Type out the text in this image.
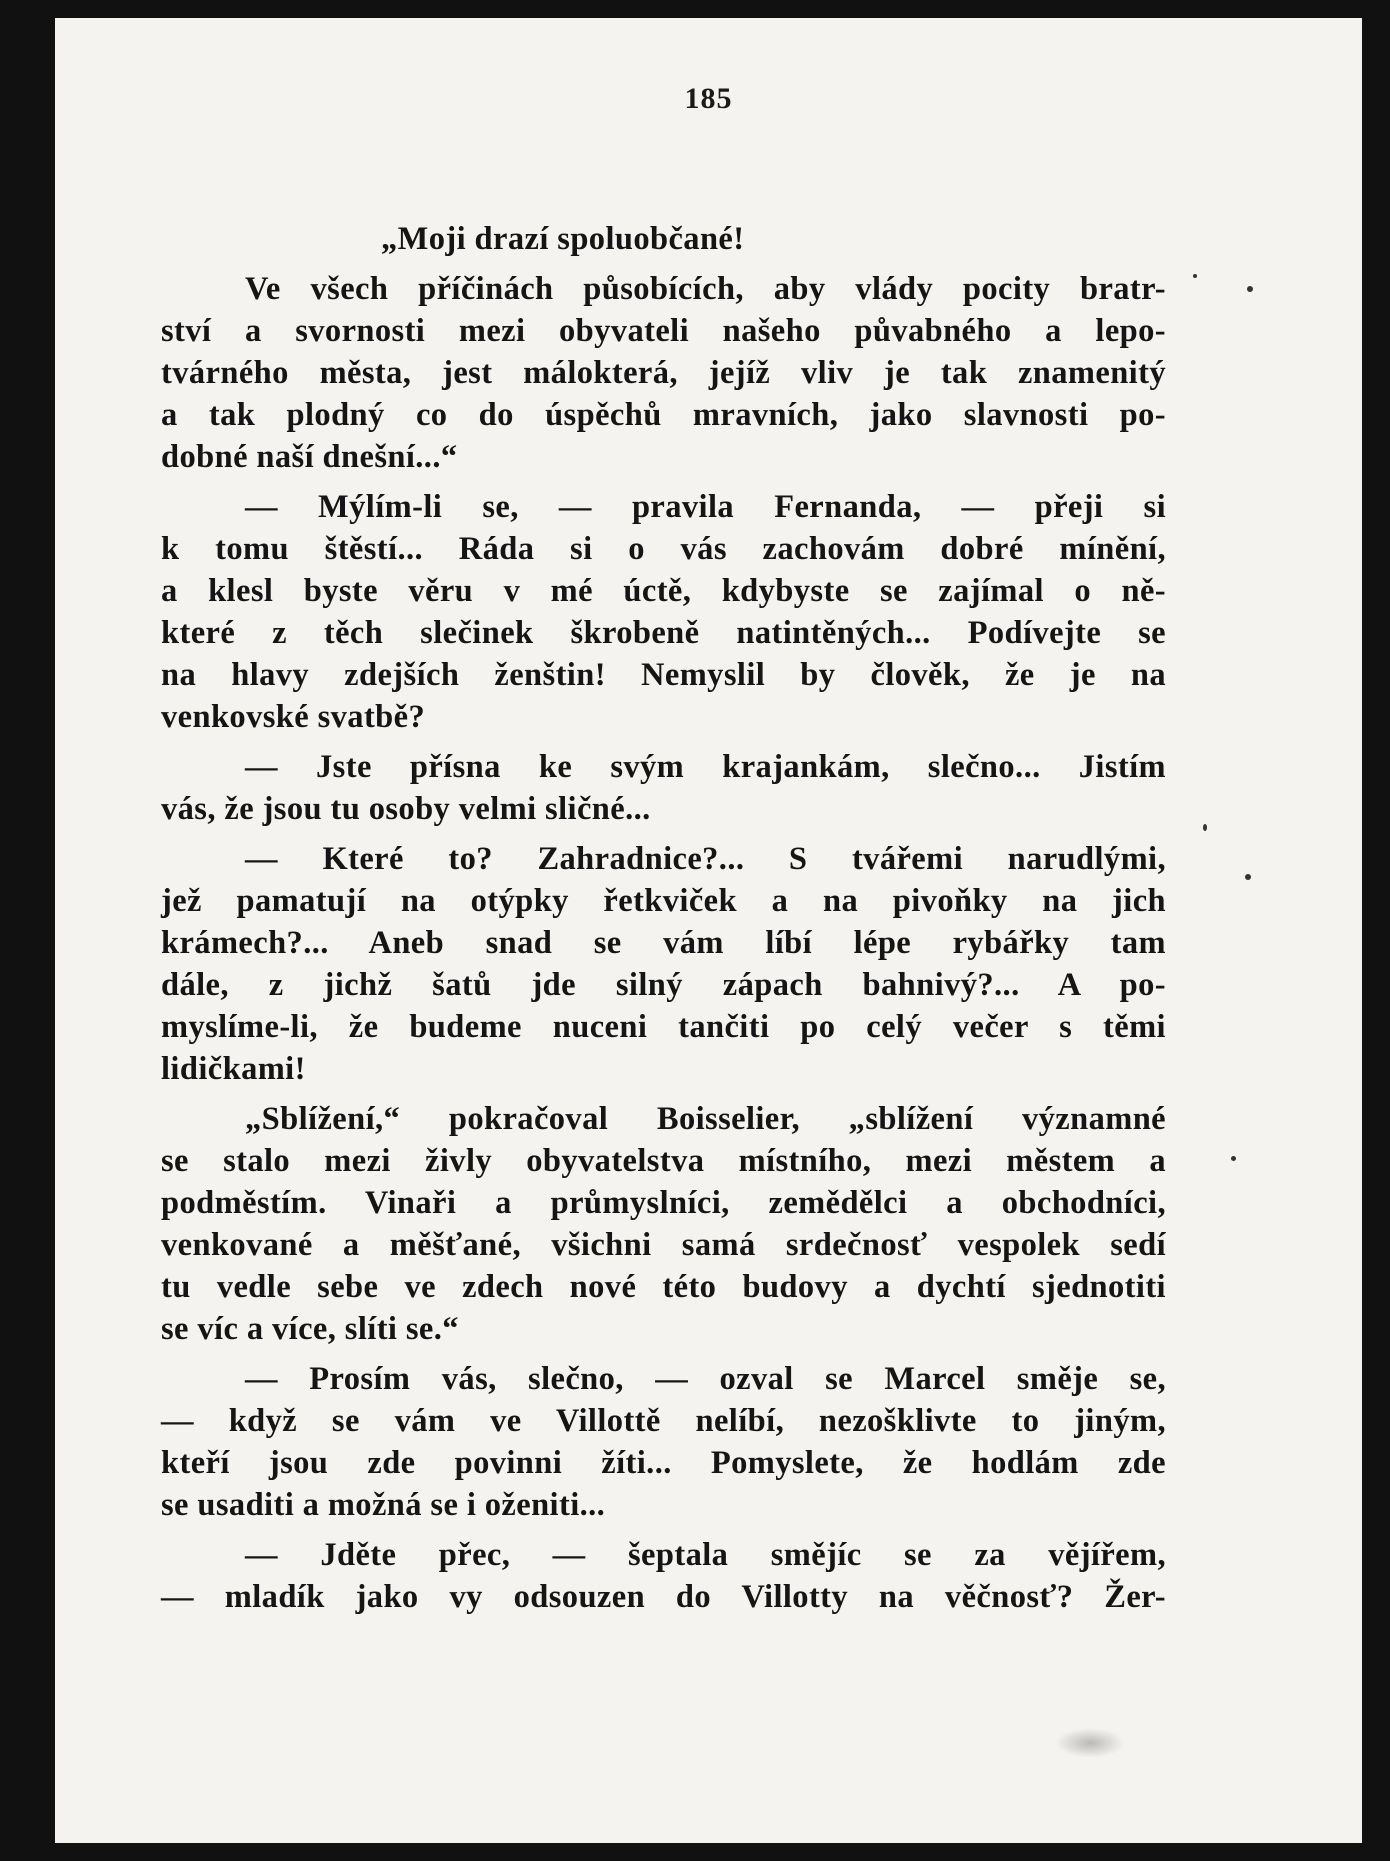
185
„Moji drazí spoluobčané!
Ve všech příčinách působících, aby vlády pocity bratr-
ství a svornosti mezi obyvateli našeho půvabného a lepo-
tvárného města, jest málokterá, jejíž vliv je tak znamenitý
a tak plodný co do úspěchů mravních, jako slavnosti po-
dobné naší dnešní...“
— Mýlím-li se, — pravila Fernanda, — přeji si
k tomu štěstí... Ráda si o vás zachovám dobré mínění,
a klesl byste věru v mé úctě, kdybyste se zajímal o ně-
které z těch slečinek škrobeně natintěných... Podívejte se
na hlavy zdejších ženštin! Nemyslil by člověk, že je na
venkovské svatbě?
— Jste přísna ke svým krajankám, slečno... Jistím
vás, že jsou tu osoby velmi sličné...
— Které to? Zahradnice?... S tvářemi narudlými,
jež pamatují na otýpky řetkviček a na pivoňky na jich
krámech?... Aneb snad se vám líbí lépe rybářky tam
dále, z jichž šatů jde silný zápach bahnivý?... A po-
myslíme-li, že budeme nuceni tančiti po celý večer s těmi
lidičkami!
„Sblížení,“ pokračoval Boisselier, „sblížení významné
se stalo mezi živly obyvatelstva místního, mezi městem a
podměstím. Vinaři a průmyslníci, zemědělci a obchodníci,
venkované a měšťané, všichni samá srdečnosť vespolek sedí
tu vedle sebe ve zdech nové této budovy a dychtí sjednotiti
se víc a více, slíti se.“
— Prosím vás, slečno, — ozval se Marcel směje se,
— když se vám ve Villottě nelíbí, nezošklivte to jiným,
kteří jsou zde povinni žíti... Pomyslete, že hodlám zde
se usaditi a možná se i oženiti...
— Jděte přec, — šeptala smějíc se za vějířem,
— mladík jako vy odsouzen do Villotty na věčnosť? Žer-
